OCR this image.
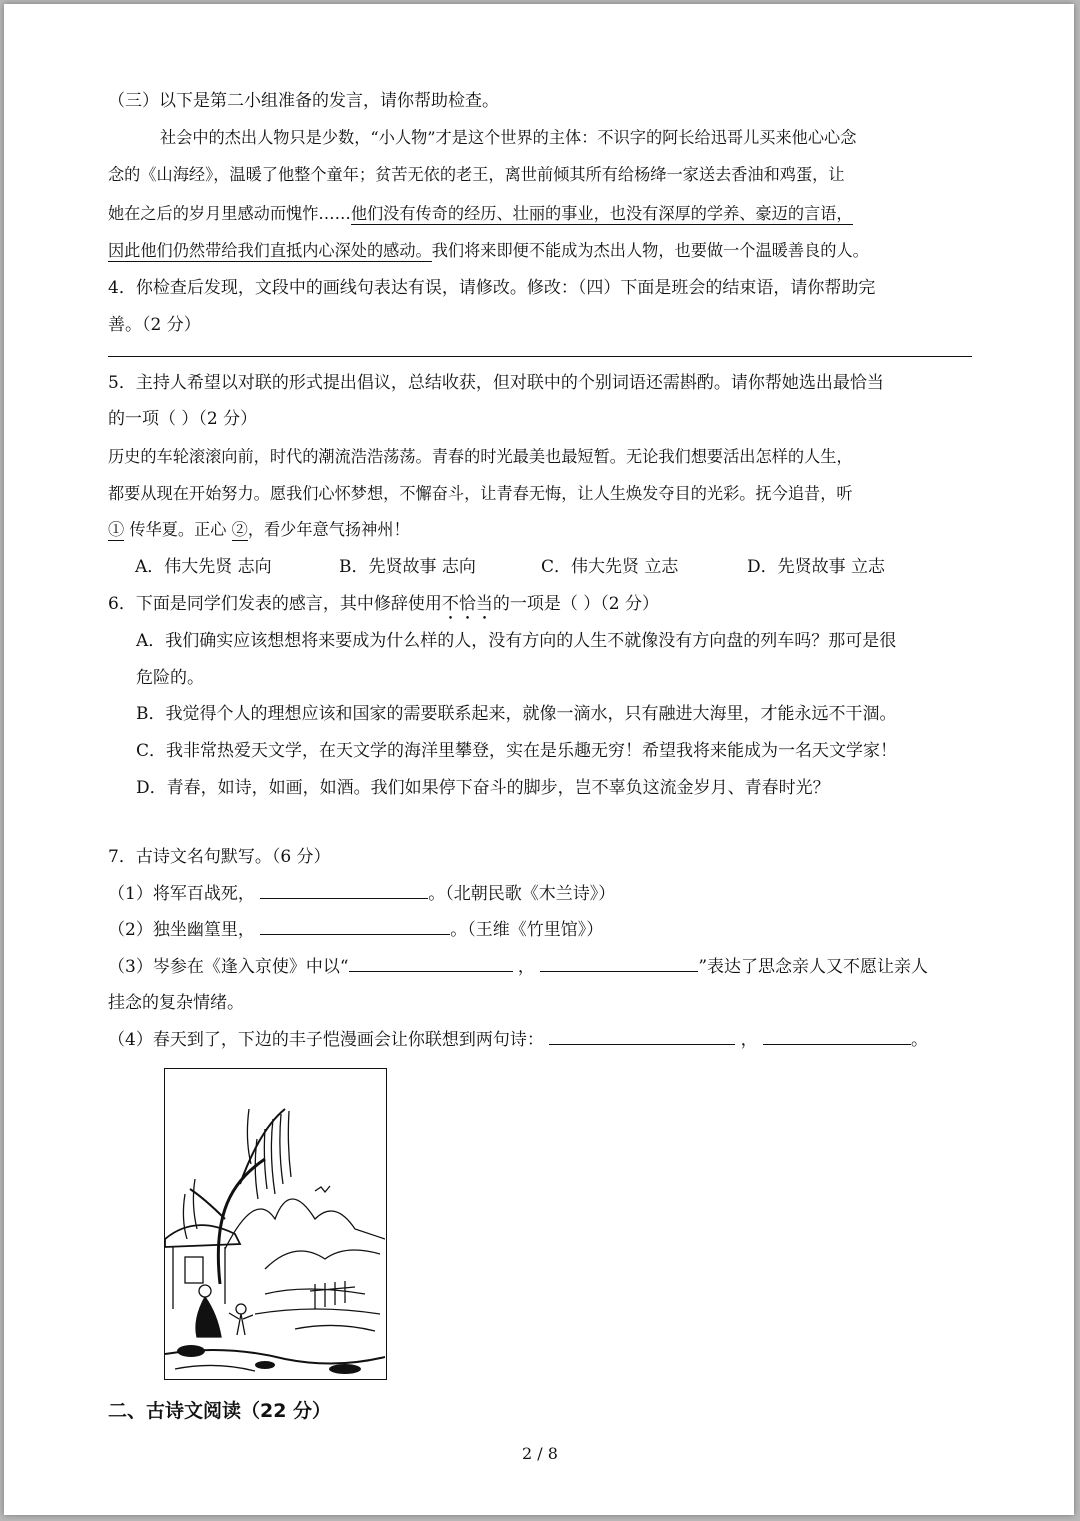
（三）以下是第二小组准备的发言，请你帮助检查。
社会中的杰出人物只是少数，“小人物”才是这个世界的主体：不识字的阿长给迅哥儿买来他心心念
念的《山海经》，温暖了他整个童年；贫苦无依的老王，离世前倾其所有给杨绛一家送去香油和鸡蛋，让
她在之后的岁月里感动而愧怍……他们没有传奇的经历、壮丽的事业，也没有深厚的学养、豪迈的言语，
因此他们仍然带给我们直抵内心深处的感动。我们将来即便不能成为杰出人物，也要做一个温暖善良的人。
4．你检查后发现，文段中的画线句表达有误，请修改。修改：（四）下面是班会的结束语，请你帮助完
善。（2 分）
5．主持人希望以对联的形式提出倡议，总结收获，但对联中的个别词语还需斟酌。请你帮她选出最恰当
的一项（ ）（2 分）
历史的车轮滚滚向前，时代的潮流浩浩荡荡。青春的时光最美也最短暂。无论我们想要活出怎样的人生，
都要从现在开始努力。愿我们心怀梦想，不懈奋斗，让青春无悔，让人生焕发夺目的光彩。抚今追昔，听
① 传华夏。正心 ②，看少年意气扬神州！
A．伟大先贤 志向	B．先贤故事 志向	C．伟大先贤 立志	D．先贤故事 立志
6．下面是同学们发表的感言，其中修辞使用不恰当的一项是（ ）（2 分）
A．我们确实应该想想将来要成为什么样的人，没有方向的人生不就像没有方向盘的列车吗？那可是很
危险的。
B．我觉得个人的理想应该和国家的需要联系起来，就像一滴水，只有融进大海里，才能永远不干涸。
C．我非常热爱天文学，在天文学的海洋里攀登，实在是乐趣无穷！希望我将来能成为一名天文学家！
D．青春，如诗，如画，如酒。我们如果停下奋斗的脚步，岂不辜负这流金岁月、青春时光？
7．古诗文名句默写。（6 分）
（1）将军百战死，	。（北朝民歌《木兰诗》）
（2）独坐幽篁里，	。（王维《竹里馆》）
（3）岑参在《逢入京使》中以“	，	”表达了思念亲人又不愿让亲人
挂念的复杂情绪。
（4）春天到了，下边的丰子恺漫画会让你联想到两句诗：	，	。
二、古诗文阅读（22 分）
2 / 8
